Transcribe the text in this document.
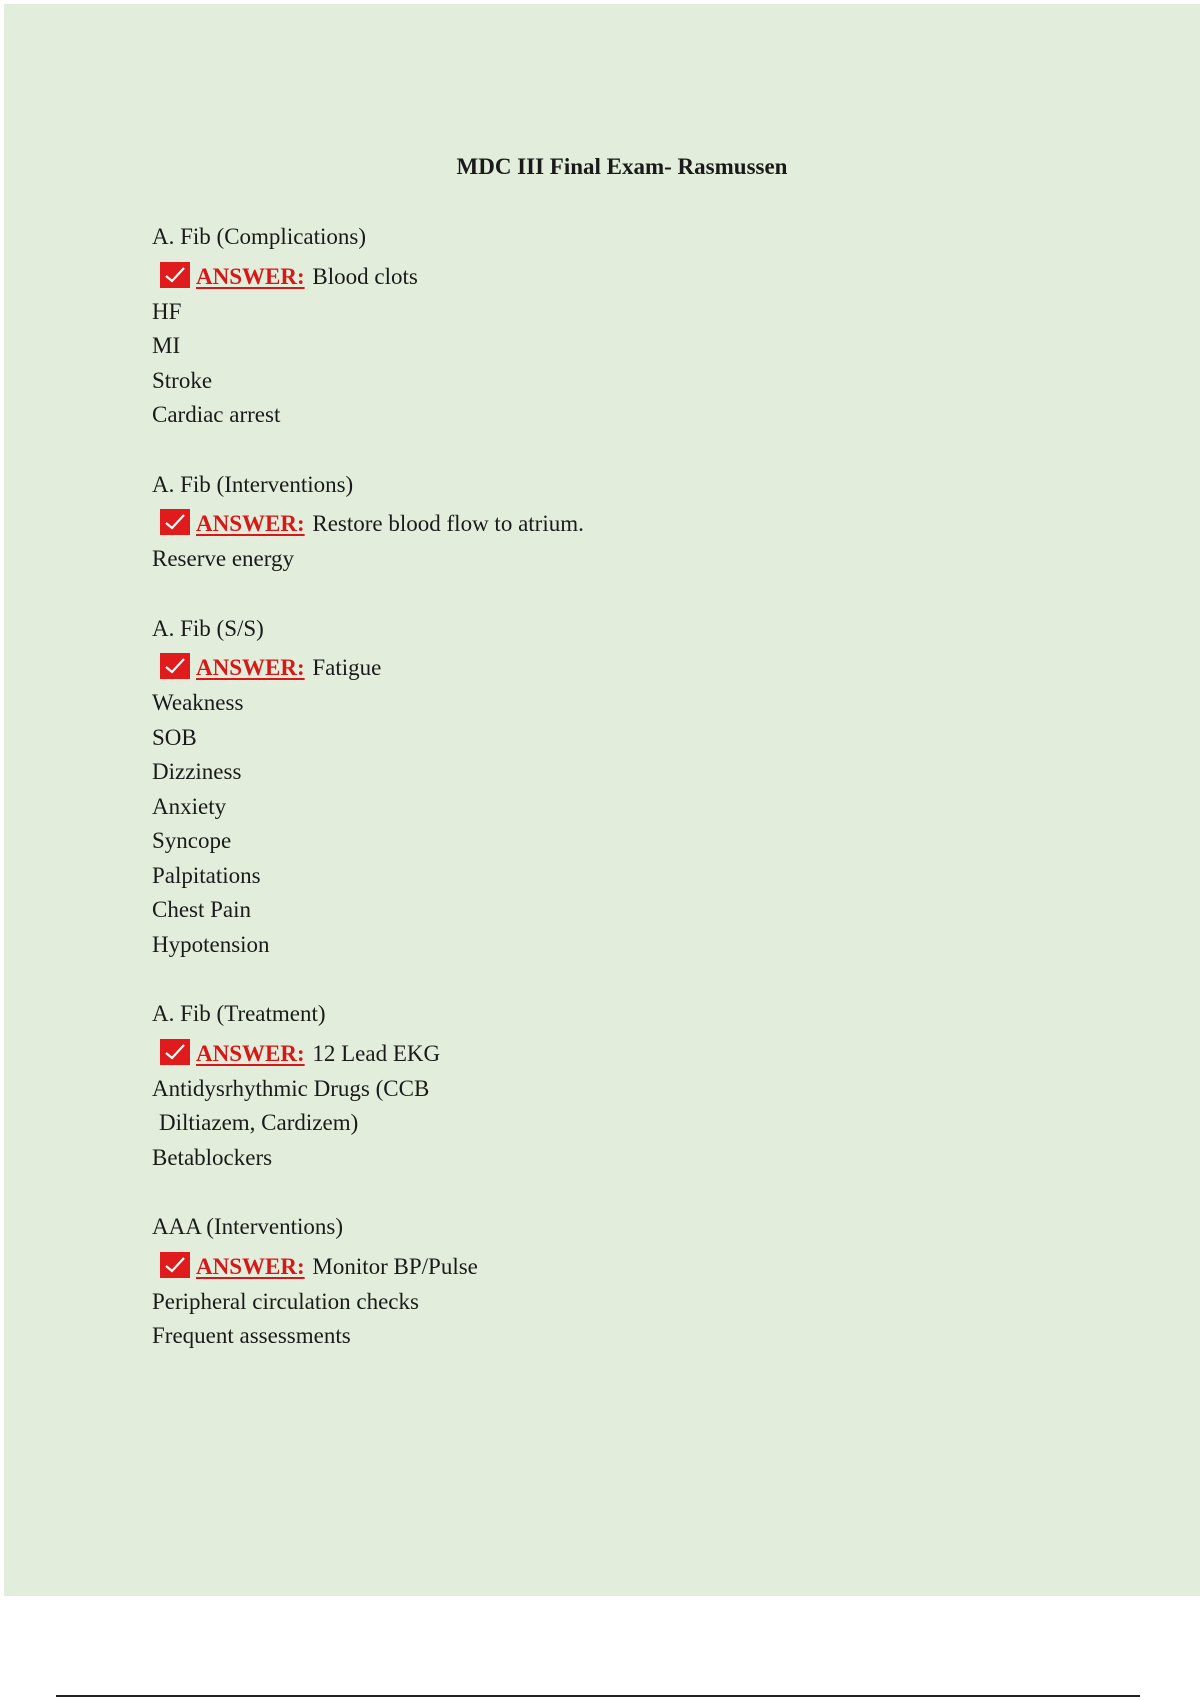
MDC III Final Exam- Rasmussen
A. Fib (Complications)
ANSWER: Blood clots
HF
MI
Stroke
Cardiac arrest
A. Fib (Interventions)
ANSWER: Restore blood flow to atrium.
Reserve energy
A. Fib (S/S)
ANSWER: Fatigue
Weakness
SOB
Dizziness
Anxiety
Syncope
Palpitations
Chest Pain
Hypotension
A. Fib (Treatment)
ANSWER: 12 Lead EKG
Antidysrhythmic Drugs (CCB
Diltiazem, Cardizem)
Betablockers
AAA (Interventions)
ANSWER: Monitor BP/Pulse
Peripheral circulation checks
Frequent assessments
